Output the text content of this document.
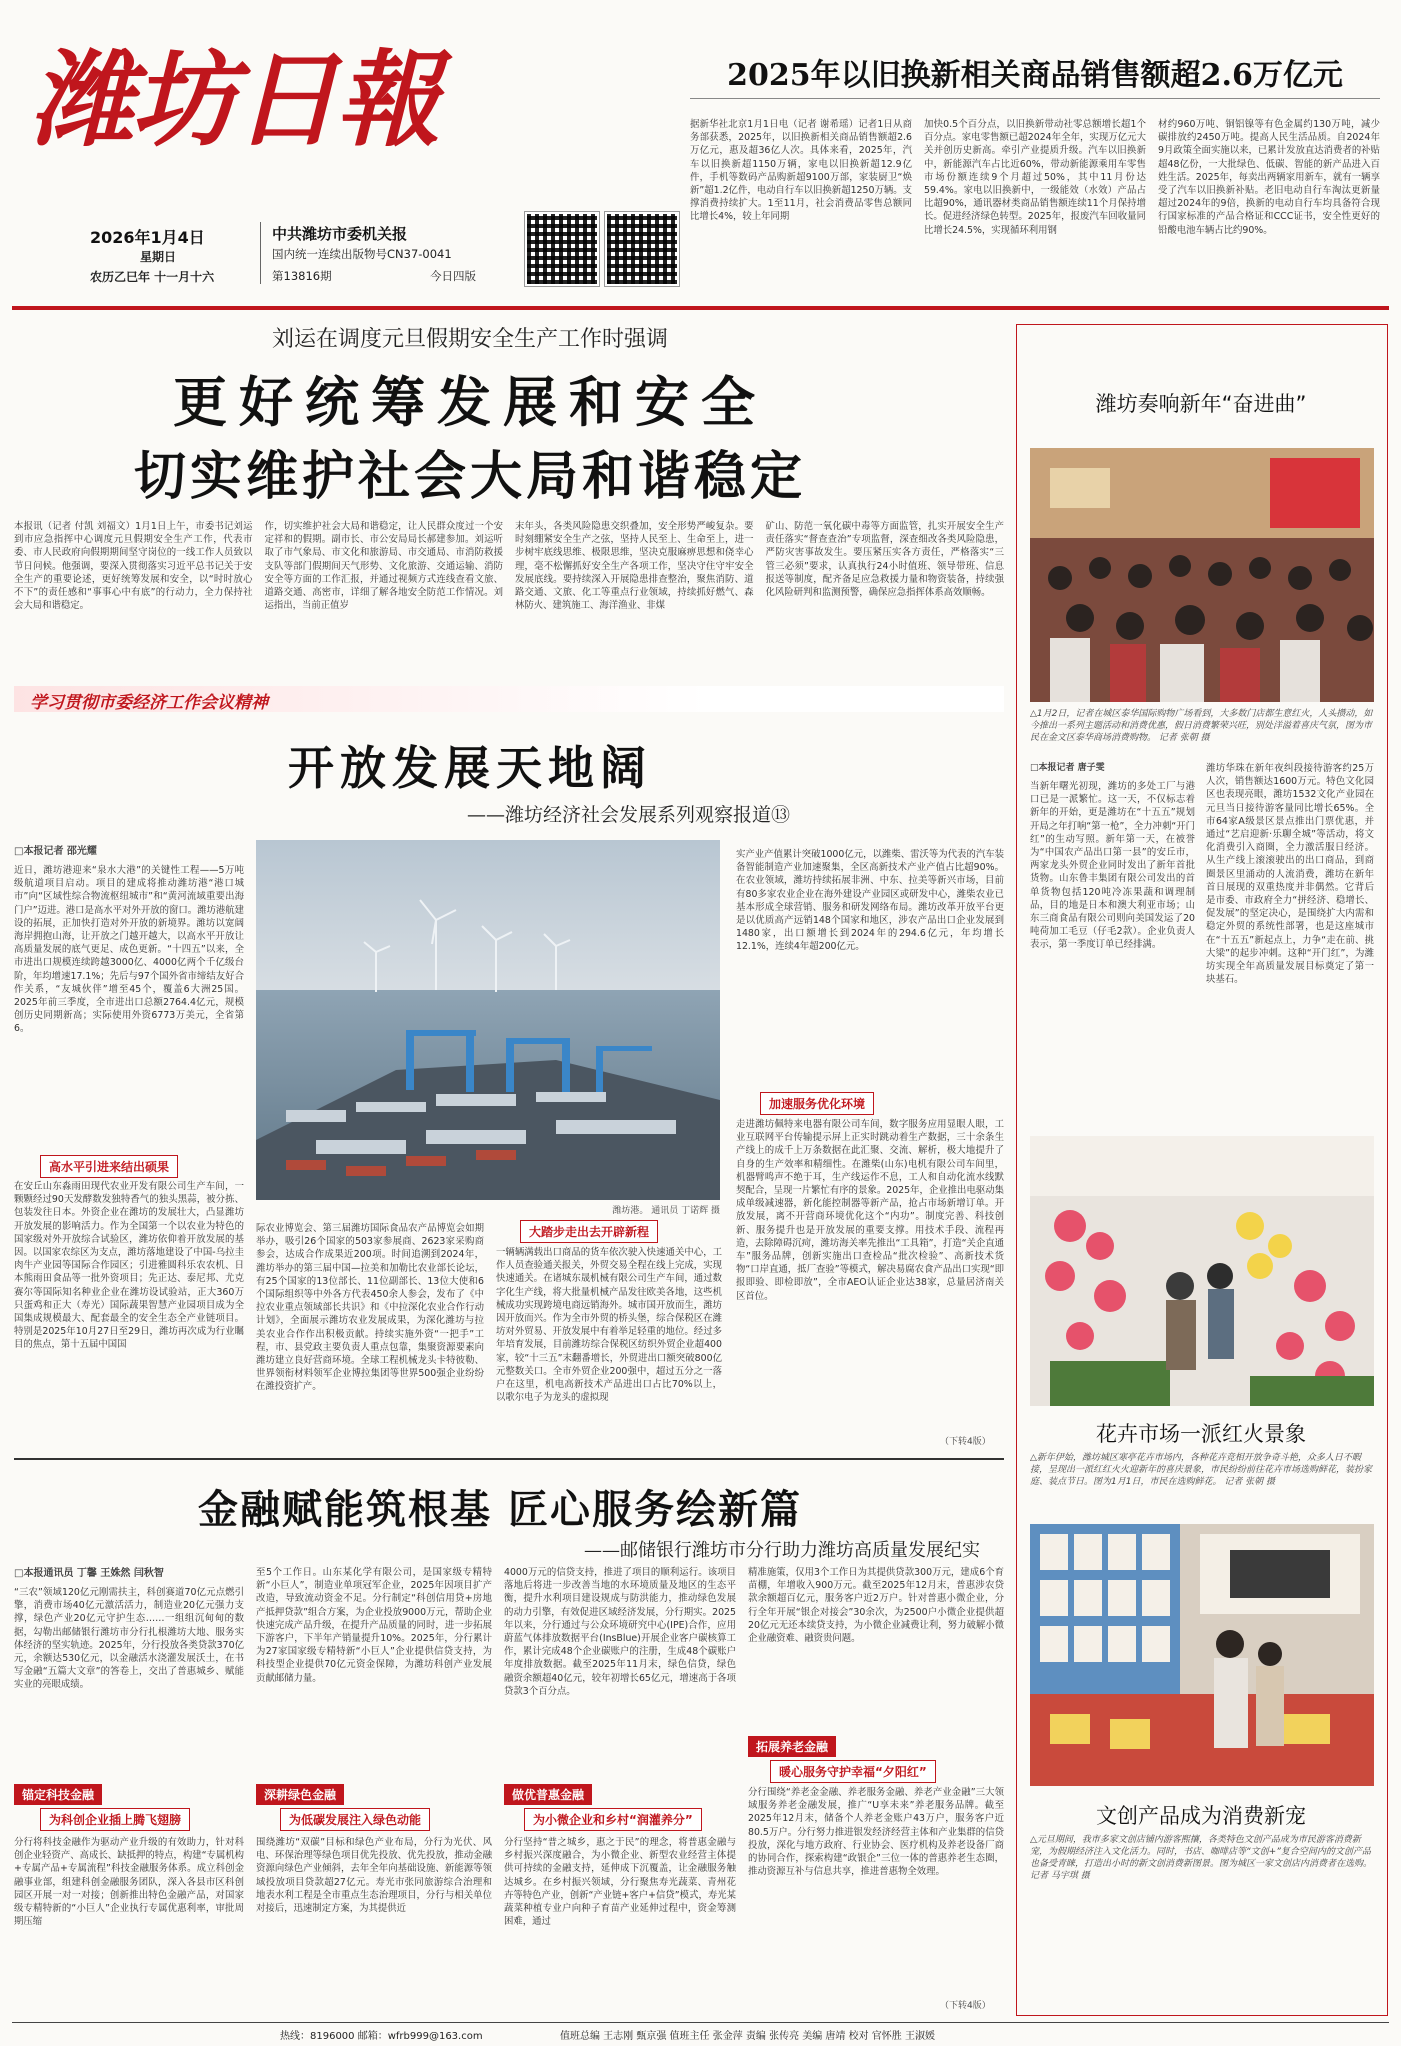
潍坊日報	2025年以旧换新相关商品销售额超2.6万亿元
2026年1月4日
星期日
农历乙巳年 十一月十六
中共潍坊市委机关报
国内统一连续出版物号CN37-0041
第13816期	今日四版
据新华社北京1月1日电（记者 谢希瑶）记者1日从商务部获悉，2025年，以旧换新相关商品销售额超2.6万亿元，惠及超36亿人次。具体来看，2025年，汽车以旧换新超1150万辆，家电以旧换新超12.9亿件，手机等数码产品购新超9100万部，家装厨卫“焕新”超1.2亿件，电动自行车以旧换新超1250万辆。支撑消费持续扩大。1至11月，社会消费品零售总额同比增长4%，较上年同期
加快0.5个百分点，以旧换新带动社零总额增长超1个百分点。家电零售额已超2024年全年，实现万亿元大关并创历史新高。牵引产业提质升级。汽车以旧换新中，新能源汽车占比近60%，带动新能源乘用车零售市场份额连续9个月超过50%，其中11月份达59.4%。家电以旧换新中，一级能效（水效）产品占比超90%，通讯器材类商品销售额连续11个月保持增长。促进经济绿色转型。2025年，报废汽车回收量同比增长24.5%，实现循环利用钢
材约960万吨、铜铝镍等有色金属约130万吨，减少碳排放约2450万吨。提高人民生活品质。自2024年9月政策全面实施以来，已累计发放直达消费者的补贴超48亿份，一大批绿色、低碳、智能的新产品进入百姓生活。2025年，每卖出两辆家用新车，就有一辆享受了汽车以旧换新补贴。老旧电动自行车淘汰更新量超过2024年的9倍，换新的电动自行车均具备符合现行国家标准的产品合格证和CCC证书，安全性更好的铅酸电池车辆占比约90%。
刘运在调度元旦假期安全生产工作时强调
更好统筹发展和安全
切实维护社会大局和谐稳定
本报讯（记者 付凯 刘福文）1月1日上午，市委书记刘运到市应急指挥中心调度元旦假期安全生产工作，代表市委、市人民政府向假期期间坚守岗位的一线工作人员致以节日问候。他强调，要深入贯彻落实习近平总书记关于安全生产的重要论述，更好统筹发展和安全，以“时时放心不下”的责任感和“事事心中有底”的行动力，全力保持社会大局和谐稳定。
作，切实维护社会大局和谐稳定，让人民群众度过一个安定祥和的假期。副市长、市公安局局长郝建参加。刘运听取了市气象局、市文化和旅游局、市交通局、市消防救援支队等部门假期间天气形势、文化旅游、交通运输、消防安全等方面的工作汇报，并通过视频方式连线查看文旅、道路交通、高密市，详细了解各地安全防范工作情况。刘运指出，当前正值岁
末年头，各类风险隐患交织叠加，安全形势严峻复杂。要时刻绷紧安全生产之弦，坚持人民至上、生命至上，进一步树牢底线思维、极限思维，坚决克服麻痹思想和侥幸心理，毫不松懈抓好安全生产各项工作，坚决守住守牢安全发展底线。要持续深入开展隐患排查整治，聚焦消防、道路交通、文旅、化工等重点行业领域，持续抓好燃气、森林防火、建筑施工、海洋渔业、非煤
矿山、防范一氧化碳中毒等方面监管，扎实开展安全生产责任落实“督查查治”专项监督，深查细改各类风险隐患，严防灾害事故发生。要压紧压实各方责任，严格落实“三管三必须”要求，认真执行24小时值班、领导带班、信息报送等制度，配齐备足应急救援力量和物资装备，持续强化风险研判和监测预警，确保应急指挥体系高效顺畅。
学习贯彻市委经济工作会议精神
开放发展天地阔
——潍坊经济社会发展系列观察报道⑬
□本报记者 邵光耀
近日，潍坊港迎来“泉水大港”的关键性工程——5万吨级航道项目启动。项目的建成将推动潍坊港“港口城市”向“区域性综合物流枢纽城市”和“黄河流域重要出海门户”迈进。港口是高水平对外开放的窗口。潍坊港航建设的拓展，正加快打造对外开放的新境界。潍坊以宽阔海岸拥抱山海，让开放之门越开越大，以高水平开放让高质量发展的底气更足、成色更新。“十四五”以来，全市进出口规模连续跨越3000亿、4000亿两个千亿级台阶，年均增速17.1%；先后与97个国外省市缔结友好合作关系，“友城伙伴”增至45个，覆盖6大洲25国。2025年前三季度，全市进出口总额2764.4亿元，规模创历史同期新高；实际使用外资6773万美元，全省第6。
潍坊港。 通讯员 丁诺辉 摄
高水平引进来结出硕果
在安丘山东淼雨田现代农业开发有限公司生产车间，一颗颗经过90天发酵数发独特香气的独头黑蒜，被分拣、包装发往日本。外资企业在潍坊的发展壮大，凸显潍坊开放发展的影响活力。作为全国第一个以农业为特色的国家级对外开放综合试验区，潍坊依仰着开放发展的基因。以国家农综区为支点，潍坊落地建设了中国-乌拉圭肉牛产业园等国际合作园区；引进雅圆科乐农农机、日本熊雨田食品等一批外资项目；先正达、泰尼邦、尤克赛尔等国际知名种业企业在潍坊设试验站，正大360万只蛋鸡和正大（寿光）国际蔬果智慧产业园项目成为全国集成规模最大、配套最全的安全生态全产业链项目。特别是2025年10月27日至29日，潍坊再次成为行业瞩目的焦点，第十五届中国国
际农业博览会、第三届潍坊国际食品农产品博览会如期举办，吸引26个国家的503家参展商、2623家采购商参会，达成合作成果近200项。时间追溯到2024年，潍坊举办的第三届中国—拉美和加勒比农业部长论坛，有25个国家的13位部长、11位副部长、13位大使和6个国际组织等中外各方代表450余人参会，发布了《中拉农业重点领域部长共识》和《中拉深化农业合作行动计划》，全面展示潍坊农业发展成果，为深化潍坊与拉美农业合作作出积极贡献。持续实施外资“一把手”工程，市、县党政主要负责人重点包靠，集聚资源要素向潍坊建立良好营商环境。全球工程机械龙头卡特彼勒、世界领衔材料领军企业博拉集团等世界500强企业纷纷在潍投资扩产。
大踏步走出去开辟新程
一辆辆满载出口商品的货车依次驶入快速通关中心，工作人员查验通关报关，外贸交易全程在线上完成，实现快速通关。在诸城东晟机械有限公司生产车间，通过数字化生产线，将大批量机械产品发往欧美各地，这些机械成功实现跨境电商远销海外。城市国开放而生，潍坊因开放而兴。作为全市外贸的桥头堡，综合保税区在潍坊对外贸易、开放发展中有着举足轻重的地位。经过多年培育发展，目前潍坊综合保税区纺织外贸企业超400家，较“十三五”末翻番增长，外贸进出口额突破800亿元整数关口。全市外贸企业200强中，超过五分之一落户在这里，机电高新技术产品进出口占比70%以上，以歌尔电子为龙头的虚拟现
实产业产值累计突破1000亿元，以潍柴、雷沃等为代表的汽车装备智能制造产业加速聚集，全区高新技术产业产值占比超90%。在农业领域，潍坊持续拓展非洲、中东、拉美等新兴市场，目前有80多家农业企业在海外建设产业园区或研发中心，潍柴农业已基本形成全球营销、服务和研发网络布局。潍坊改革开放平台更是以优质高产远销148个国家和地区，涉农产品出口企业发展到1480家，出口额增长到2024年的294.6亿元，年均增长12.1%，连续4年超200亿元。
加速服务优化环境
走进潍坊佩特来电器有限公司车间，数字服务应用显眼人眼，工业互联网平台传输提示屏上正实时跳动着生产数据，三十余条生产线上的成千上万条数据在此汇聚、交流、解析，极大地提升了自身的生产效率和精细性。在潍柴(山东)电机有限公司车间里，机器臂鸣声不绝于耳，生产线运作不息，工人和自动化流水线默契配合，呈现一片繁忙有序的景象。2025年，企业推出电驱动集成单级减速器，新化能控制器等新产品，抢占市场新增订单。开放发展，离不开营商环境优化这个“内功”。制度完善、科技创新、服务提升也是开放发展的重要支撑。用技术手段、流程再造，去除障碍沉疴，潍坊海关率先推出“工具箱”，打造“关企直通车”服务品牌，创新实施出口查检品“批次检验”、高新技术货物“口岸直通，抵厂查验”等模式，解决易腐农食产品出口实现“即报即验、即检即放”，全市AEO认证企业达38家，总量居济南关区首位。
（下转4版）
金融赋能筑根基 匠心服务绘新篇
——邮储银行潍坊市分行助力潍坊高质量发展纪实
□本报通讯员 丁馨 王姝然 闫秋智
“三农”领域120亿元刚需扶主，科创赛道70亿元点燃引擎，消费市场40亿元激活活力，制造业20亿元强力支撑，绿色产业20亿元守护生态……一组组沉甸甸的数据，勾勒出邮储银行潍坊市分行扎根潍坊大地、服务实体经济的坚实轨迹。2025年，分行投放各类贷款370亿元，余额达530亿元，以金融活水浇灌发展沃土，在书写金融“五篇大文章”的答卷上，交出了普惠城乡、赋能实业的亮眼成绩。
锚定科技金融
为科创企业插上腾飞翅膀
分行将科技金融作为驱动产业升级的有效助力，针对科创企业轻资产、高成长、缺抵押的特点，构建“专属机构+专属产品+专属流程”科技金融服务体系。成立科创金融事业部，组建科创金融服务团队，深入各县市区科创园区开展一对一对接；创新推出特色金融产品，对国家级专精特新的“小巨人”企业执行专属优惠利率，审批周期压缩
至5个工作日。山东某化学有限公司，是国家级专精特新“小巨人”，制造业单项冠军企业，2025年因项目扩产改造，导致流动资金不足。分行制定“科创信用贷+房地产抵押贷款”组合方案，为企业投放9000万元，帮助企业快速完成产品升级，在提升产品质量的同时，进一步拓展下游客户，下半年产销量提升10%。2025年，分行累计为27家国家级专精特新“小巨人”企业提供信贷支持，为科技型企业提供70亿元资金保障，为潍坊科创产业发展贡献邮储力量。
深耕绿色金融
为低碳发展注入绿色动能
围绕潍坊“双碳”目标和绿色产业布局，分行为光伏、风电、环保治理等绿色项目优先投放、优先投放，推动金融资源向绿色产业倾斜，去年全年向基础设施、新能源等领域投放项目贷款超27亿元。寿光市张同旅游综合治理和地表水利工程是全市重点生态治理项目，分行与相关单位对接后，迅速制定方案，为其提供近
4000万元的信贷支持，推进了项目的顺利运行。该项目落地后将进一步改善当地的水环境质量及地区的生态平衡，提升水利项目建设规成与防洪能力，推动绿色发展的动力引擎，有效促进区域经济发展，分行期实。2025年以来，分行通过与公众环境研究中心(IPE)合作，应用蔚蓝气体排放数据平台(InsBlue)开展企业客户碳核算工作，累计完成48个企业碳账户的注册，生成48个碳账户年度排放数据。截至2025年11月末，绿色信贷，绿色融资余额超40亿元，较年初增长65亿元，增速高于各项贷款3个百分点。
做优普惠金融
为小微企业和乡村“润灌养分”
分行坚持“普之城乡，惠之于民”的理念，将普惠金融与乡村振兴深度融合，为小微企业、新型农业经营主体提供可持续的金融支持，延伸成下沉覆盖，让金融服务触达城乡。在乡村振兴领域，分行聚焦寿光蔬菜、青州花卉等特色产业，创新“产业链+客户+信贷”模式，寿光某蔬菜种植专业户向种子育苗产业延伸过程中，资金筹测困难，通过
精准施策，仅用3个工作日为其提供贷款300万元，建成6个育苗棚，年增收入900万元。截至2025年12月末，普惠涉农贷款余额超百亿元，服务客户近2万户。针对普惠小微企业，分行全年开展“银企对接会”30余次，为2500户小微企业提供超20亿元无还本续贷支持，为小微企业减费让利，努力破解小微企业融资难、融资贵问题。
拓展养老金融
暖心服务守护幸福“夕阳红”
分行围绕“养老金金融、养老服务金融、养老产业金融”三大领域服务养老金融发展，推广“U享未来”养老服务品牌。截至2025年12月末，储备个人养老金账户43万户，服务客户近80.5万户。分行努力推进银发经济经营主体和产业集群的信贷投放，深化与地方政府、行业协会、医疗机构及养老设备厂商的协同合作，探索构建“政银企”三位一体的普惠养老生态圈，推动资源互补与信息共享，推进普惠物全效理。
（下转4版）
潍坊奏响新年“奋进曲”
△1月2日，记者在城区泰华国际购物广场看到，大多数门店都生意红火，人头攒动，如今推出一系列主题活动和消费优惠，假日消费繁荣兴旺，别处洋溢着喜庆气氛，图为市民在金文区泰华商场消费购物。 记者 张朝 摄
□本报记者 唐子雯
当新年曙光初现，潍坊的多处工厂与港口已是一派繁忙。这一天，不仅标志着新年的开始，更是潍坊在“十五五”规划开局之年打响“第一枪”，全力冲刺“开门红”的生动写照。新年第一天，在被誉为“中国农产品出口第一县”的安丘市，两家龙头外贸企业同时发出了新年首批货物。山东鲁丰集团有限公司发出的首单货物包括120吨冷冻果蔬和调理制品，目的地是日本和澳大利亚市场；山东三商食品有限公司则向美国发运了20吨荷加工毛豆（仔毛2款）。企业负责人表示，第一季度订单已经排满。
潍坊华珠在新年夜纠段接待游客约25万人次，销售额达1600万元。特色文化园区也表现亮眼，潍坊1532文化产业园在元旦当日接待游客量同比增长65%。全市64家A级景区景点推出门票优惠，并通过“艺启迎新·乐聊全城”等活动，将文化消费引入商圈，全力激活服日经济。从生产线上滚滚驶出的出口商品，到商圈景区里涌动的人流消费，潍坊在新年首日展现的双重热度并非偶然。它背后是市委、市政府全力“拼经济、稳增长、促发展”的坚定决心，是围绕扩大内需和稳定外贸的系统性部署，也是这座城市在“十五五”新起点上，力争“走在前、挑大梁”的起步冲刺。这种“开门红”，为潍坊实现全年高质量发展目标奠定了第一块基石。
花卉市场一派红火景象
△新年伊始，潍坊城区寒亭花卉市场内，各种花卉竞相开放争奇斗艳，众多人日不暇接，呈现出一派红红火火迎新年的喜庆景象，市民纷纷前往花卉市场选购鲜花，装扮家庭、装点节日。图为1月1日，市民在选购鲜花。 记者 张朝 摄
文创产品成为消费新宠
△元旦期间，我市多家文创店铺内游客熙攘，各类特色文创产品成为市民游客消费新宠，为假期经济注入文化活力。同时，书店、咖啡店等“文创+”复合空间内的文创产品也备受青睐，打造出小时的新文创消费新图景。图为城区一家文创店内消费者在选购。 记者 马宇琪 摄
热线：8196000 邮箱：wfrb999@163.com	值班总编 王志刚 甄京强 值班主任 张金萍 责编 张传亮 美编 唐靖 校对 官怀胜 王淑媛
